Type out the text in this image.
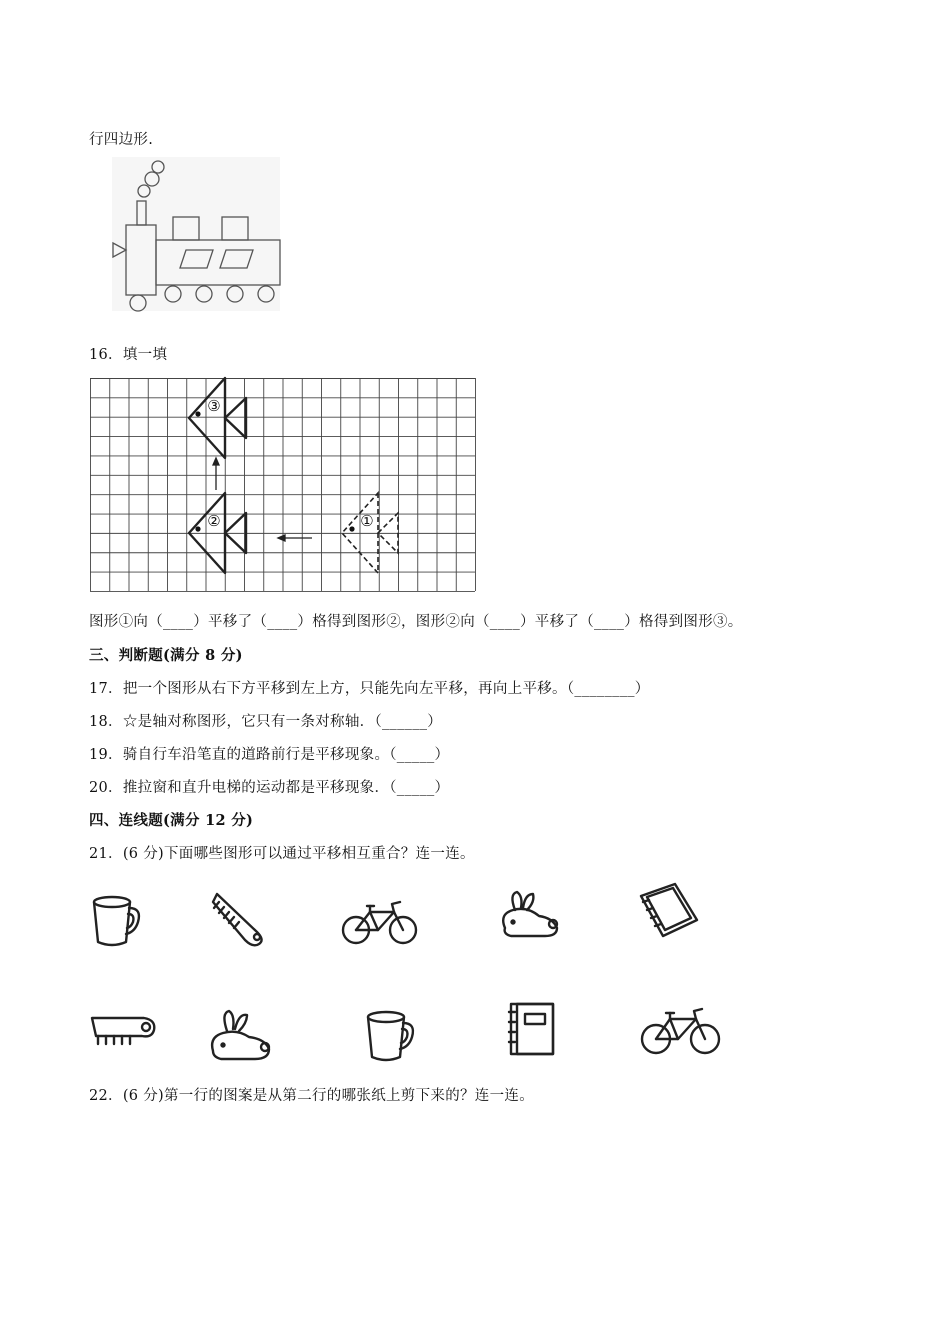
行四边形.
16．填一填
③
②	①
图形①向（____）平移了（____）格得到图形②，图形②向（____）平移了（____）格得到图形③。
三、判断题(满分 8 分)
17．把一个图形从右下方平移到左上方，只能先向左平移，再向上平移。（________）
18．☆是轴对称图形，它只有一条对称轴．（______）
19．骑自行车沿笔直的道路前行是平移现象。（_____）
20．推拉窗和直升电梯的运动都是平移现象．（_____）
四、连线题(满分 12 分)
21．(6 分)下面哪些图形可以通过平移相互重合？连一连。
22．(6 分)第一行的图案是从第二行的哪张纸上剪下来的？连一连。
